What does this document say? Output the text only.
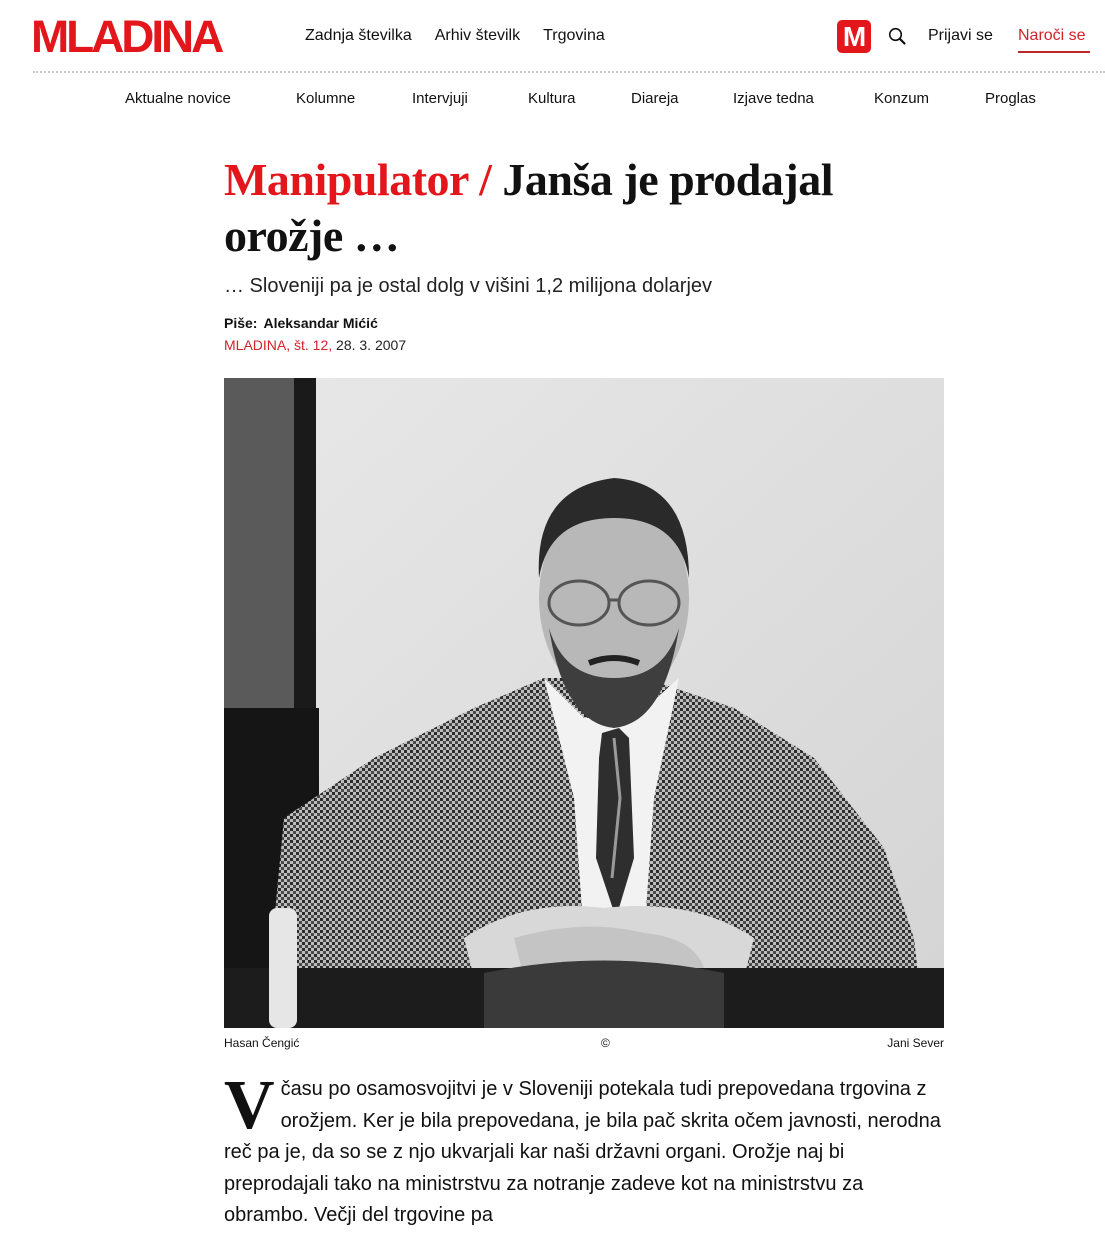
MLADINA	Zadnja številka Arhiv številk Trgovina	M	Prijavi se Naroči se
Aktualne novice	Kolumne	Intervjuji	Kultura	Diareja	Izjave tedna	Konzum	Proglas
Manipulator / Janša je prodajal orožje …
… Sloveniji pa je ostal dolg v višini 1,2 milijona dolarjev
Piše: Aleksandar Mićić
MLADINA, št. 12, 28. 3. 2007
Hasan Čengić	©	Jani Sever
V času po osamosvojitvi je v Sloveniji potekala tudi prepovedana trgovina z orožjem. Ker je bila prepovedana, je bila pač skrita očem javnosti, nerodna reč pa je, da so se z njo ukvarjali kar naši državni organi. Orožje naj bi preprodajali tako na ministrstvu za notranje zadeve kot na ministrstvu za obrambo. Večji del trgovine pa
